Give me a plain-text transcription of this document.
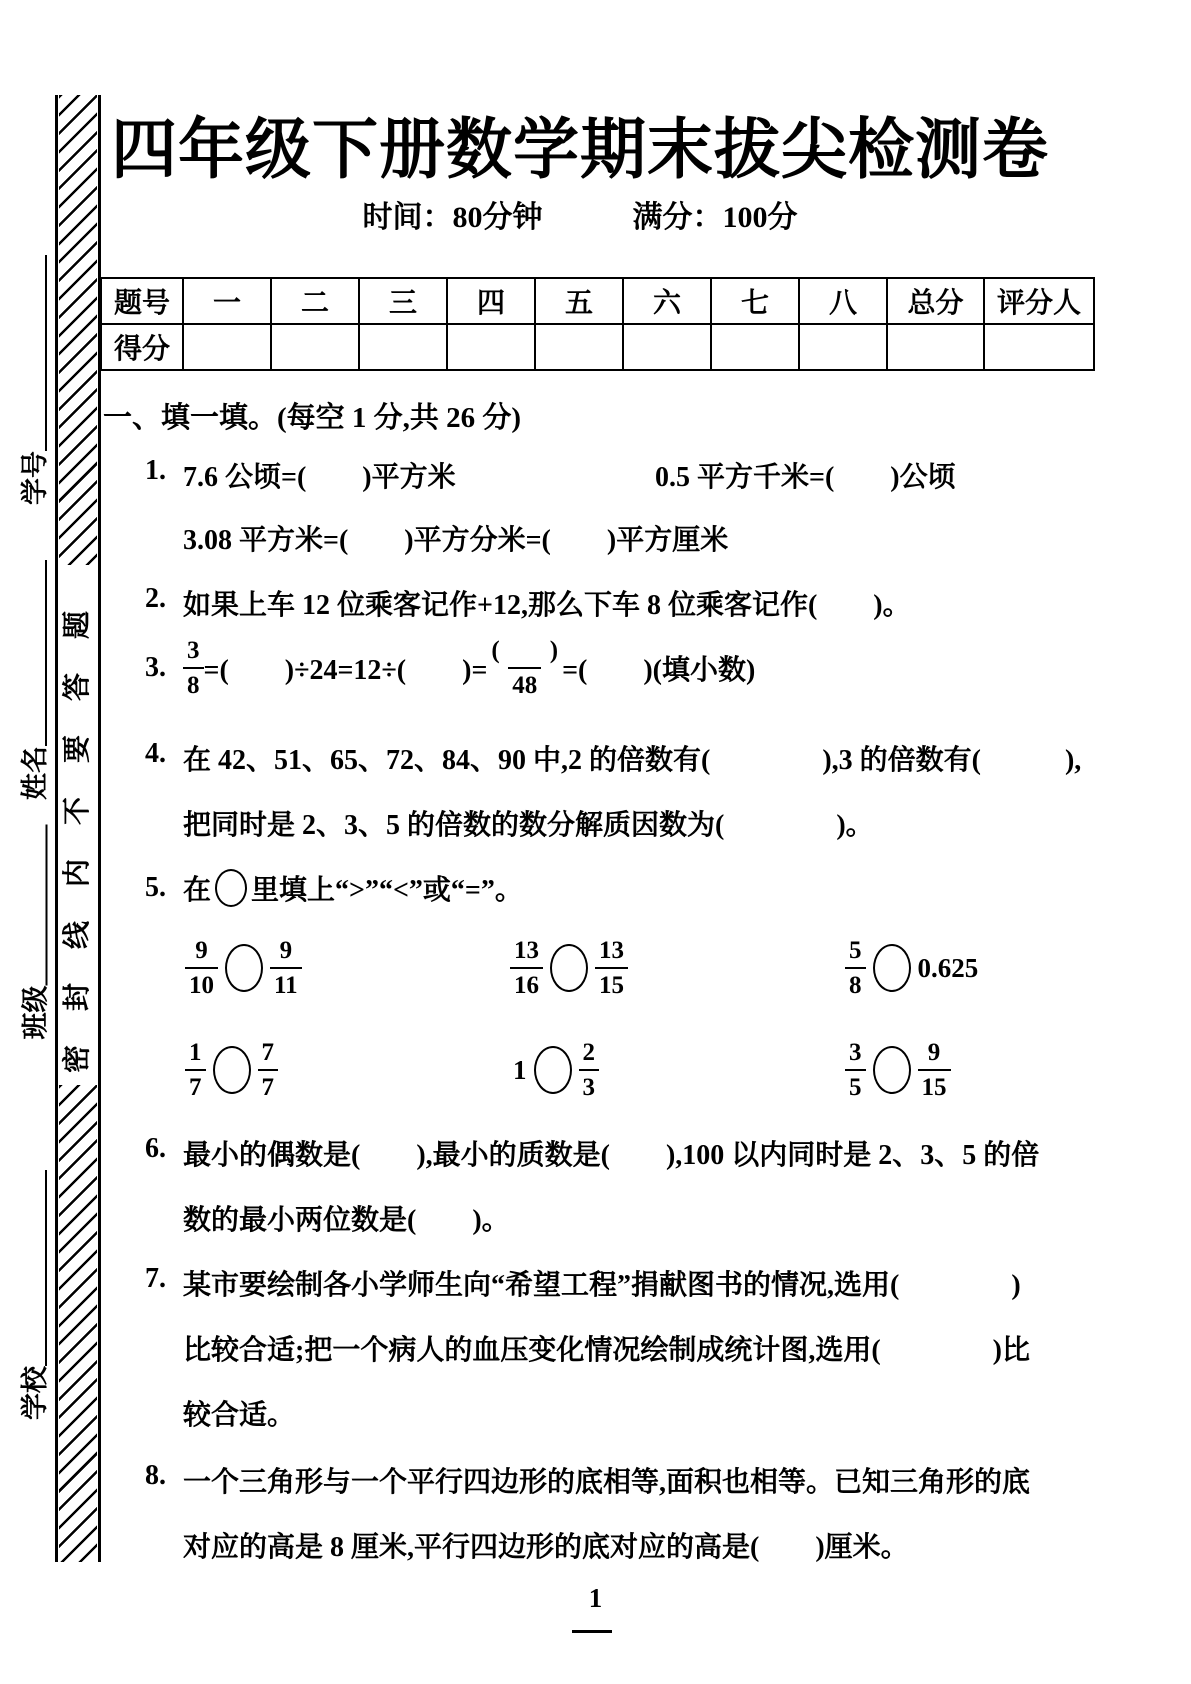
密封线内不要答题
学号
姓名
班级
学校
四年级下册数学期末拔尖检测卷
时间：80分钟　　　满分：100分
题号	一	二	三	四	五	六	七	八	总分	评分人
得分										
一、填一填。(每空 1 分,共 26 分)
1. 7.6 公顷=(　　)平方米	0.5 平方千米=(　　)公顷
3.08 平方米=(　　)平方分米=(　　)平方厘米
2. 如果上车 12 位乘客记作+12,那么下车 8 位乘客记作(　　)。
3. $\frac{3}{8}$ =(　　)÷24=12÷(　　)= $\frac{( )}{48}$ =(　　)(填小数)
4. 在 42、51、65、72、84、90 中,2 的倍数有(　　　　),3 的倍数有(　　　),
把同时是 2、3、5 的倍数的数分解质因数为(　　　　)。
5. 在 里填上“>”“<”或“=”。
$\frac{9}{10} \frac{9}{11}$	$\frac{13}{16} \frac{13}{15}$	$\frac{5}{8} 0.625$
$\frac{1}{7} \frac{7}{7}$	$1 \frac{2}{3}$	$\frac{3}{5} \frac{9}{15}$
6. 最小的偶数是(　　),最小的质数是(　　),100 以内同时是 2、3、5 的倍
数的最小两位数是(　　)。
7. 某市要绘制各小学师生向“希望工程”捐献图书的情况,选用(　　　　)
比较合适;把一个病人的血压变化情况绘制成统计图,选用(　　　　)比
较合适。
8. 一个三角形与一个平行四边形的底相等,面积也相等。已知三角形的底
对应的高是 8 厘米,平行四边形的底对应的高是(　　)厘米。
1
